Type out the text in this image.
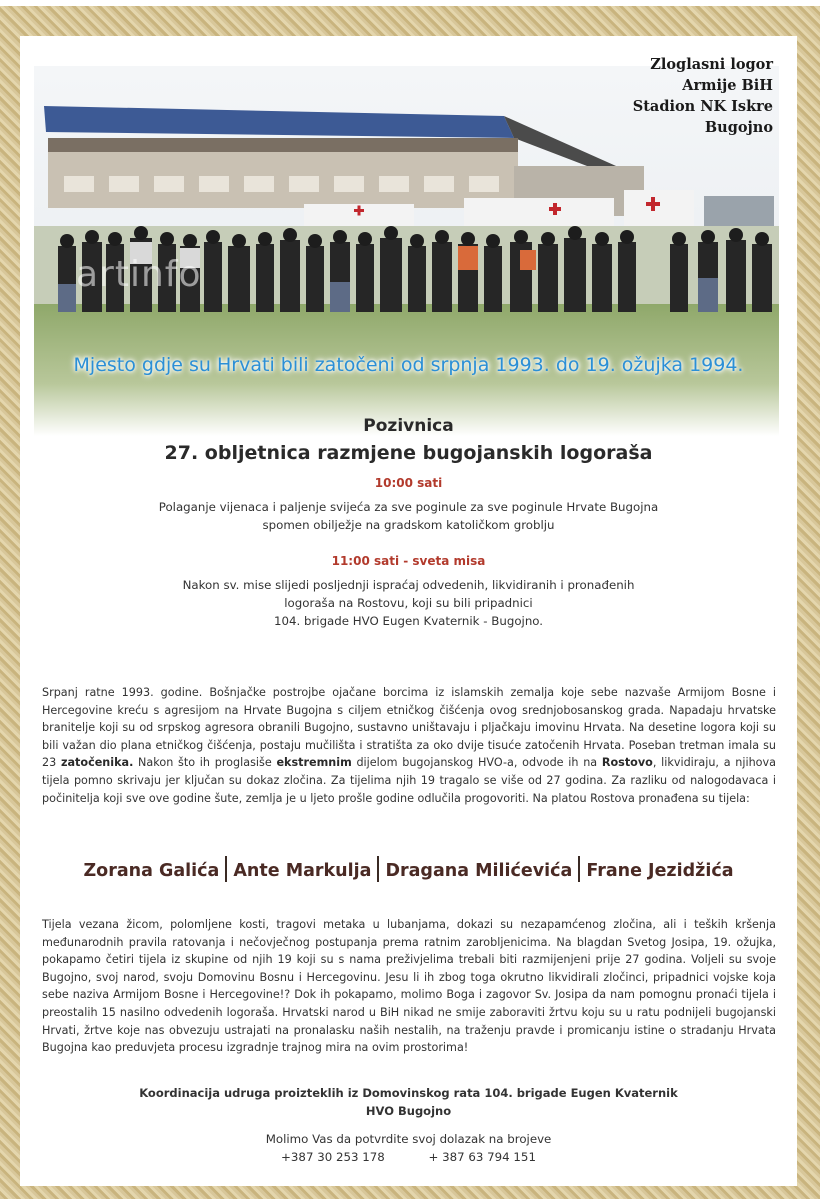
artinfo
Zloglasni logor
Armije BiH
Stadion NK Iskre
Bugojno
Mjesto gdje su Hrvati bili zatočeni od srpnja 1993. do 19. ožujka 1994.
Pozivnica
27. obljetnica razmjene bugojanskih logoraša
10:00 sati
Polaganje vijenaca i paljenje svijeća za sve poginule za sve poginule Hrvate Bugojna
spomen obilježje na gradskom katoličkom groblju
11:00 sati - sveta misa
Nakon sv. mise slijedi posljednji ispraćaj odvedenih, likvidiranih i pronađenih
logoraša na Rostovu, koji su bili pripadnici
104. brigade HVO Eugen Kvaternik - Bugojno.

Srpanj ratne 1993. godine. Bošnjačke postrojbe ojačane borcima iz islamskih zemalja koje sebe nazvaše Armijom Bosne i Hercegovine kreću s agresijom na Hrvate Bugojna s ciljem etničkog čišćenja ovog srednjobosanskog grada. Napadaju hrvatske branitelje koji su od srpskog agresora obranili Bugojno, sustavno uništavaju i pljačkaju imovinu Hrvata. Na desetine logora koji su bili važan dio plana etničkog čišćenja, postaju mučilišta i stratišta za oko dvije tisuće zatočenih Hrvata. Poseban tretman imala su 23 zatočenika. Nakon što ih proglasiše ekstremnim dijelom bugojanskog HVO-a, odvode ih na Rostovo, likvidiraju, a njihova tijela pomno skrivaju jer ključan su dokaz zločina. Za tijelima njih 19 tragalo se više od 27 godina. Za razliku od nalogodavaca i počinitelja koji sve ove godine šute, zemlja je u ljeto prošle godine odlučila progovoriti. Na platou Rostova pronađena su tijela:

Zorana Galića Ante Markulja Dragana Milićevića Frane Jezidžića

Tijela vezana žicom, polomljene kosti, tragovi metaka u lubanjama, dokazi su nezapamćenog zločina, ali i teških kršenja međunarodnih pravila ratovanja i nečovječnog postupanja prema ratnim zarobljenicima. Na blagdan Svetog Josipa, 19. ožujka, pokapamo četiri tijela iz skupine od njih 19 koji su s nama preživjelima trebali biti razmijenjeni prije 27 godina. Voljeli su svoje Bugojno, svoj narod, svoju Domovinu Bosnu i Hercegovinu. Jesu li ih zbog toga okrutno likvidirali zločinci, pripadnici vojske koja sebe naziva Armijom Bosne i Hercegovine!? Dok ih pokapamo, molimo Boga i zagovor Sv. Josipa da nam pomognu pronaći tijela i preostalih 15 nasilno odvedenih logoraša. Hrvatski narod u BiH nikad ne smije zaboraviti žrtvu koju su u ratu podnijeli bugojanski Hrvati, žrtve koje nas obvezuju ustrajati na pronalasku naših nestalih, na traženju pravde i promicanju istine o stradanju Hrvata Bugojna kao preduvjeta procesu izgradnje trajnog mira na ovim prostorima!

Koordinacija udruga proizteklih iz Domovinskog rata 104. brigade Eugen Kvaternik
HVO Bugojno
Molimo Vas da potvrdite svoj dolazak na brojeve
+387 30 253 178	+ 387 63 794 151
